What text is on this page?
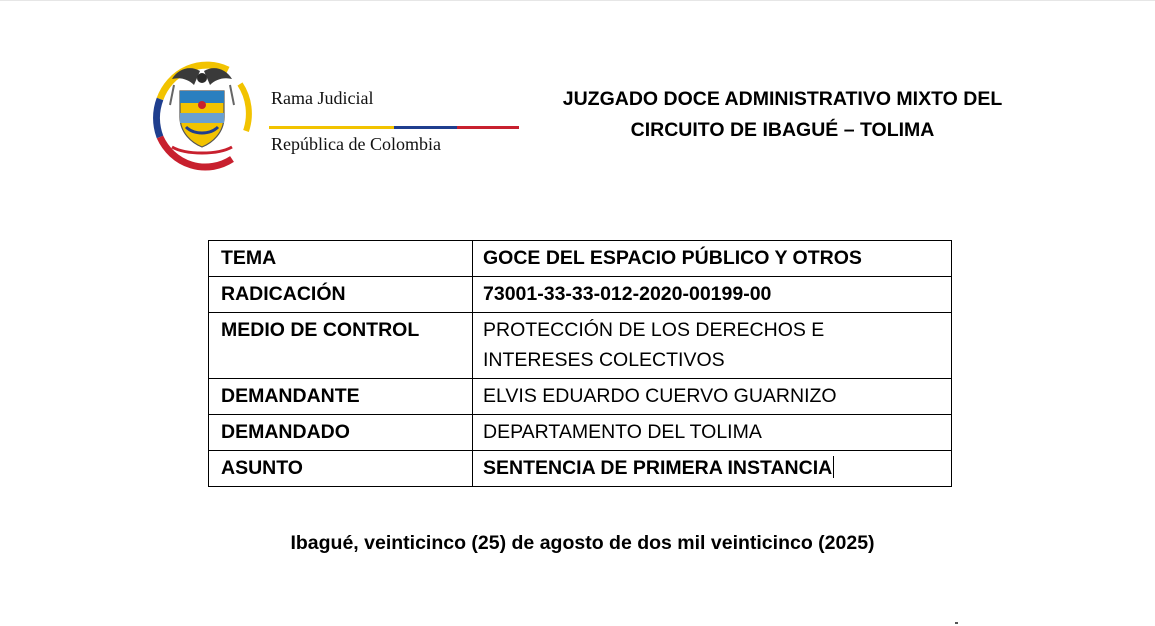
Rama Judicial
República de Colombia
JUZGADO DOCE ADMINISTRATIVO MIXTO DEL
CIRCUITO DE IBAGUÉ – TOLIMA
TEMA	GOCE DEL ESPACIO PÚBLICO Y OTROS
RADICACIÓN	73001-33-33-012-2020-00199-00
MEDIO DE CONTROL	PROTECCIÓN DE LOS DERECHOS E INTERESES COLECTIVOS
DEMANDANTE	ELVIS EDUARDO CUERVO GUARNIZO
DEMANDADO	DEPARTAMENTO DEL TOLIMA
ASUNTO	SENTENCIA DE PRIMERA INSTANCIA
Ibagué, veinticinco (25) de agosto de dos mil veinticinco (2025)
